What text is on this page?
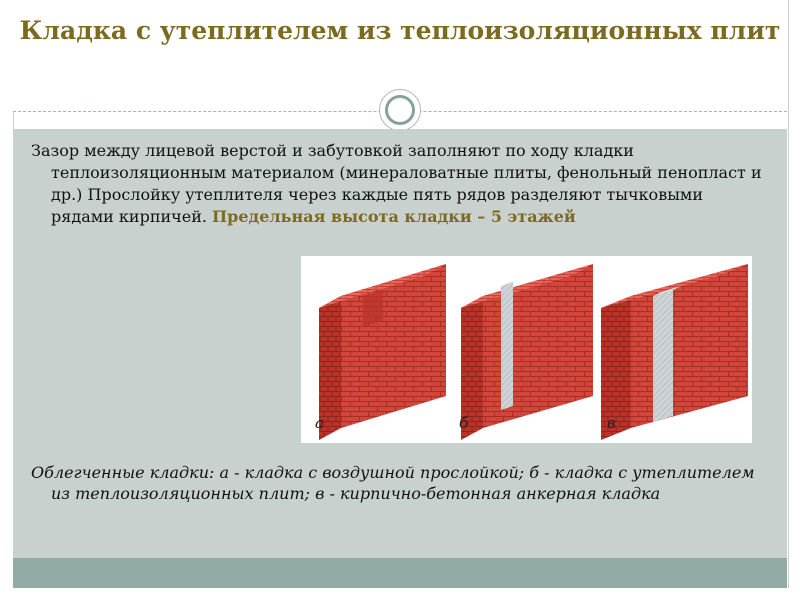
Кладка с утеплителем из теплоизоляционных плит
Зазор между лицевой верстой и забутовкой заполняют по ходу кладки теплоизоляционным материалом (минераловатные плиты, фенольный пенопласт и др.) Прослойку утеплителя через каждые пять рядов разделяют тычковыми рядами кирпичей. Предельная высота кладки – 5 этажей
а	б	в
Облегченные кладки: а - кладка с воздушной прослойкой; б - кладка с утеплителем из теплоизоляционных плит; в - кирпично-бетонная анкерная кладка
